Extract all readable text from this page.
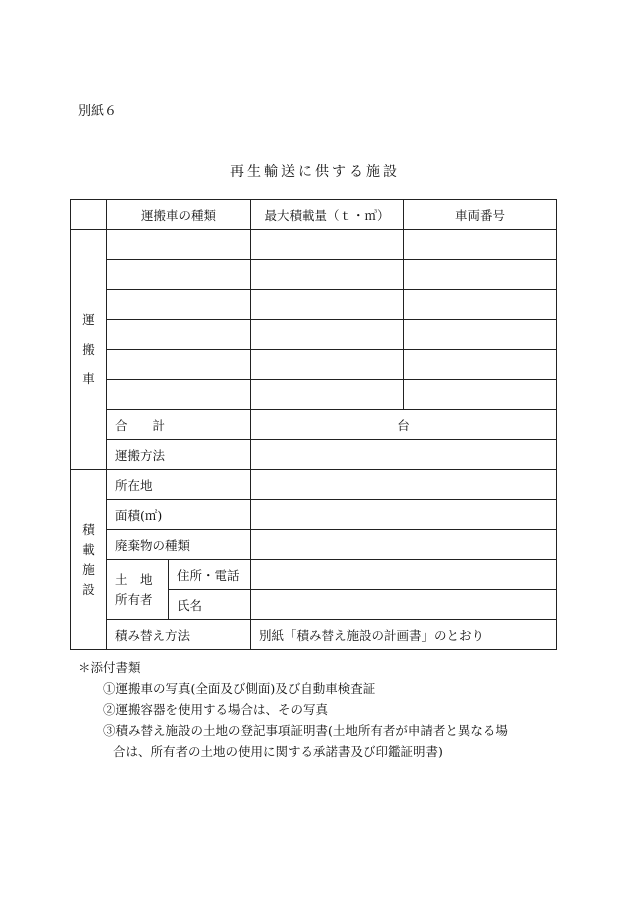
別紙６
再生輸送に供する施設
	運搬車の種類		最大積載量（ｔ・㎥）	車両番号
運
搬
車				

	合　　計		台	
	運搬方法			
積
載
施
設	所在地			
	面積(㎡)			
	廃棄物の種類			
	土　地
所有者	住所・電話		
		氏名		
	積み替え方法		別紙「積み替え施設の計画書」のとおり	
＊添付書類
①運搬車の写真(全面及び側面)及び自動車検査証
②運搬容器を使用する場合は、その写真
③積み替え施設の土地の登記事項証明書(土地所有者が申請者と異なる場
合は、所有者の土地の使用に関する承諾書及び印鑑証明書)
